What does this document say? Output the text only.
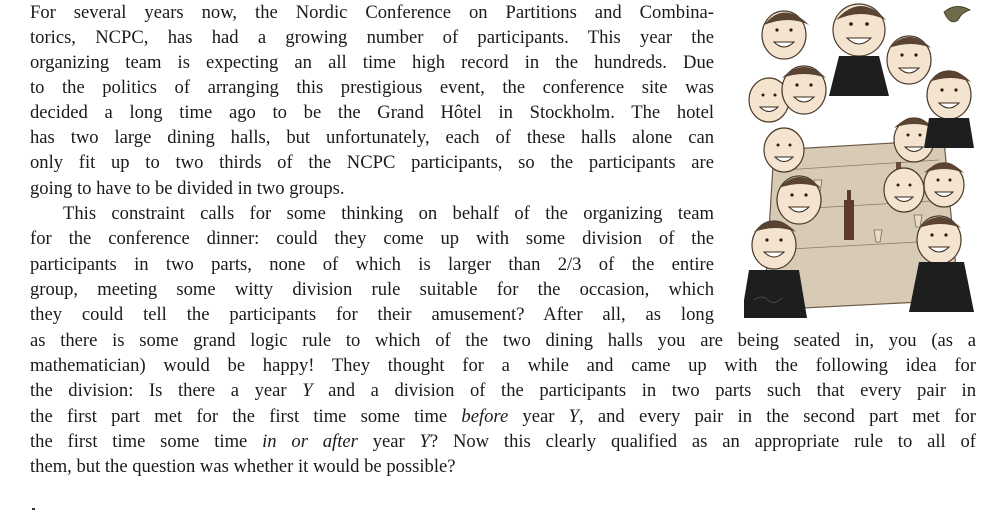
For several years now, the Nordic Conference on Partitions and Combina-
torics, NCPC, has had a growing number of participants. This year the
organizing team is expecting an all time high record in the hundreds. Due
to the politics of arranging this prestigious event, the conference site was
decided a long time ago to be the Grand Hôtel in Stockholm. The hotel
has two large dining halls, but unfortunately, each of these halls alone can
only fit up to two thirds of the NCPC participants, so the participants are
going to have to be divided in two groups.
This constraint calls for some thinking on behalf of the organizing team
for the conference dinner: could they come up with some division of the
participants in two parts, none of which is larger than 2/3 of the entire
group, meeting some witty division rule suitable for the occasion, which
they could tell the participants for their amusement? After all, as long
as there is some grand logic rule to which of the two dining halls you are being seated in, you (as a
mathematician) would be happy! They thought for a while and came up with the following idea for
the division: Is there a year Y and a division of the participants in two parts such that every pair in
the first part met for the first time some time before year Y, and every pair in the second part met for
the first time some time in or after year Y? Now this clearly qualified as an appropriate rule to all of
them, but the question was whether it would be possible?
